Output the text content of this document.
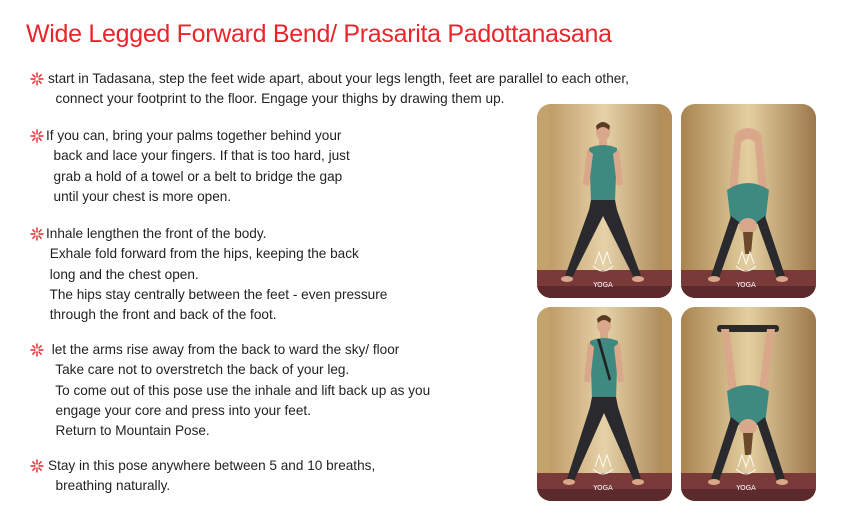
Wide Legged Forward Bend/ Prasarita Padottanasana
start in Tadasana, step the feet wide apart, about your legs length, feet are parallel to each other,
connect your footprint to the floor. Engage your thighs by drawing them up.
If you can, bring your palms together behind your
back and lace your fingers. If that is too hard, just
grab a hold of a towel or a belt to bridge the gap
until your chest is more open.
Inhale lengthen the front of the body.
Exhale fold forward from the hips, keeping the back
long and the chest open.
The hips stay centrally between the feet - even pressure
through the front and back of the foot.
let the arms rise away from the back to ward the sky/ floor
Take care not to overstretch the back of your leg.
To come out of this pose use the inhale and lift back up as you
engage your core and press into your feet.
Return to Mountain Pose.
Stay in this pose anywhere between 5 and 10 breaths,
breathing naturally.
YOGA	YOGA
YOGA	YOGA
